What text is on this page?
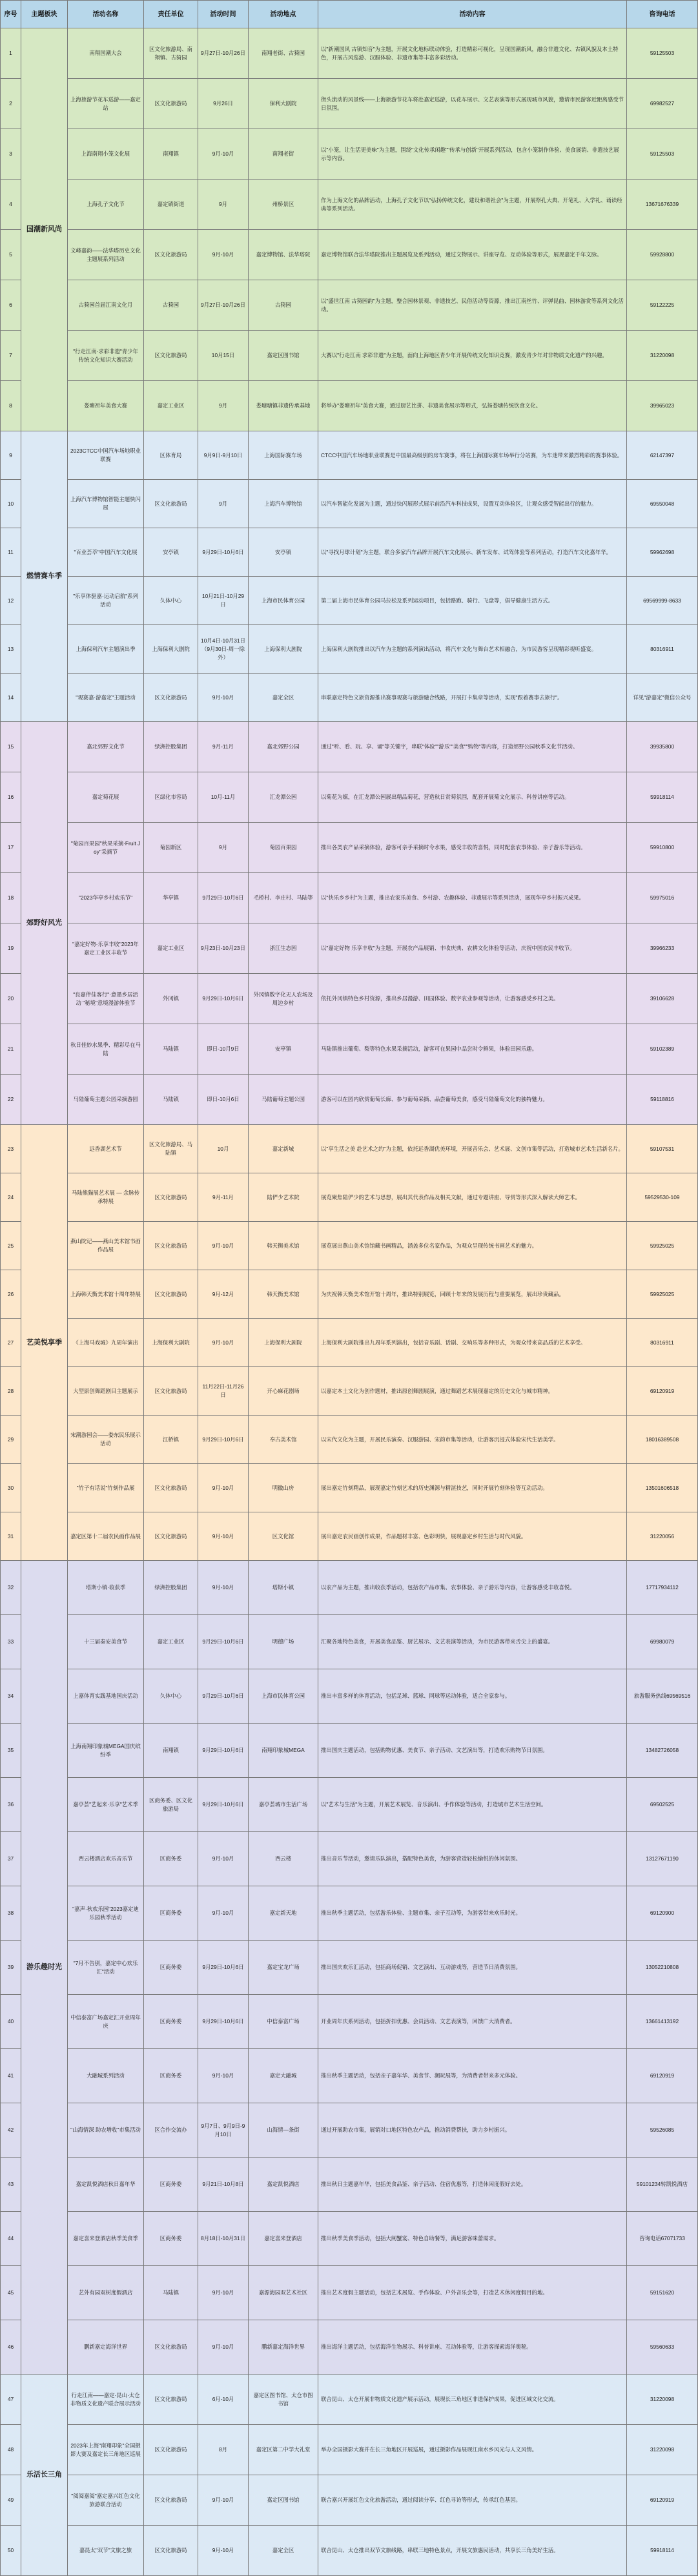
序号	主题板块	活动名称	责任单位	活动时间	活动地点	活动内容	咨询电话
1	国潮新风尚	南翔国潮大会	区文化旅游局、南翔镇、古猗园	9月27日-10月26日	南翔老街、古猗园	以"新潮国风 古镇知音"为主题，开展文化地标联动体验，打造精彩可视化，呈现国潮新风，融合非遗文化、古镇风貌及本土特色，开展古风巡游、汉服体验、非遗市集等丰富多彩活动。	59125503
2		上海旅游节花车巡游——嘉定站	区文化旅游局	9月26日	保利大剧院	街头流动的风景线——上海旅游节花车将赴嘉定巡游，以花车展示、文艺表演等形式展现城市风貌，邀请市民游客近距离感受节日氛围。	69982527
3		上海南翔小笼文化展	南翔镇	9月-10月	南翔老街	以"小笼，让生活更美味"为主题，围绕"文化传承闲趣""传承与创新"开展系列活动，包含小笼制作体验、美食展销、非遗技艺展示等内容。	59125503
4		上海孔子文化节	嘉定镇街道	9月	州桥景区	作为上海文化的品牌活动，上海孔子文化节以"弘扬传统文化，建设和谐社会"为主题，开展祭孔大典、开笔礼、入学礼、诵读经典等系列活动。	13671676339
5		文峰嘉韵——法华塔历史文化主题展系列活动	区文化旅游局	9月-10月	嘉定博物馆、法华塔院	嘉定博物馆联合法华塔院推出主题展览及系列活动，通过文物展示、讲座导览、互动体验等形式，展现嘉定千年文脉。	59928800
6		古猗园首届江南文化月	古猗园	9月27日-10月26日	古猗园	以"盛世江南 古猗园韵"为主题，整合园林景观、非遗技艺、民俗活动等资源，推出江南丝竹、评弹昆曲、园林游赏等系列文化活动。	59122225
7		"行走江南·求彩非遗"青少年传统文化知识大赛活动	区文化旅游局	10月15日	嘉定区图书馆	大赛以"行走江南 求彩非遗"为主题，面向上海地区青少年开展传统文化知识竞赛，激发青少年对非物质文化遗产的兴趣。	31220098
8		娄塘祈年美食大赛	嘉定工业区	9月	娄塘塘镇非遗传承基地	将举办"娄塘祈年"美食大赛，通过厨艺比拼、非遗美食展示等形式，弘扬娄塘传统饮食文化。	39965023
9	燃情赛车季	2023CTCC中国汽车场地职业联赛	区体育局	9月9日-9月10日	上海国际赛车场	CTCC中国汽车场地职业联赛是中国最高级别的房车赛事，将在上海国际赛车场举行分站赛，为车迷带来激烈精彩的赛事体验。	62147397
10		上海汽车博物馆智能主题快闪展	区文化旅游局	9月	上海汽车博物馆	以汽车智能化发展为主题，通过快闪展形式展示前沿汽车科技成果，设置互动体验区，让观众感受智能出行的魅力。	69550048
11		"百业荟萃"中国汽车文化展	安亭镇	9月29日-10月6日	安亭镇	以"寻找月球计划"为主题，联合多家汽车品牌开展汽车文化展示、新车发布、试驾体验等系列活动，打造汽车文化嘉年华。	59962698
12		"乐享体驱嘉·运动启航"系列活动	久体中心	10月21日-10月29日	上海市民体育公园	第二届上海市民体育公园马拉松及系列运动项目，包括路跑、骑行、飞盘等，倡导健康生活方式。	69569999-8633
13		上海保利汽车主题演出季	上海保利大剧院	10月4日-10月31日（9月30日-周一除外）	上海保利大剧院	上海保利大剧院推出以汽车为主题的系列演出活动，将汽车文化与舞台艺术相融合，为市民游客呈现精彩视听盛宴。	80316911
14		"观赛嘉·游嘉定"主题活动	区文化旅游局	9月-10月	嘉定全区	串联嘉定特色文旅资源推出赛事观赛与旅游融合线路，开展打卡集章等活动，实现"跟着赛事去旅行"。	详见"游嘉定"微信公众号
15	郊野好风光	嘉北郊野文化节	绿洲控股集团	9月-11月	嘉北郊野公园	通过"听、看、玩、享、诵"等关键字，串联"体验""游乐""美食""购物"等内容，打造郊野公园秋季文化节活动。	39935800
16		嘉定菊花展	区绿化市容局	10月-11月	汇龙潭公园	以菊花为媒，在汇龙潭公园展出精品菊花，营造秋日赏菊氛围，配套开展菊文化展示、科普讲座等活动。	59918114
17		"菊园百果园"秋果采摘·Fruit Joy"采摘节	菊园新区	9月	菊园百果园	推出各类农产品采摘体验，游客可亲手采摘时令水果，感受丰收的喜悦，同时配套农事体验、亲子游乐等活动。	59910800
18		"2023华亭乡村欢乐节"	华亭镇	9月29日-10月6日	毛桥村、李庄村、马陆等	以"快乐乡乡村"为主题，推出农家乐美食、乡村游、农趣体验、非遗展示等系列活动，展现华亭乡村振兴成果。	59975016
19		"嘉定好物·乐享丰收"2023年嘉定工业区丰收节	嘉定工业区	9月23日-10月23日	浙江生态园	以"嘉定好物 乐享丰收"为主题，开展农产品展销、丰收庆典、农耕文化体验等活动，庆祝中国农民丰收节。	39966233
20		"良嘉伴佳客行"·意墨乡居活动 "秘境"意境漫游体验节	外冈镇	9月29日-10月6日	外冈镇数字化无人农场及周边乡村	依托外冈镇特色乡村资源，推出乡居漫游、田园体验、数字农业参观等活动，让游客感受乡村之美。	39106628
21		秋日佳妙水果季、精彩尽在马陆	马陆镇	即日-10月9日	安亭镇	马陆镇推出葡萄、梨等特色水果采摘活动，游客可在果园中品尝时令鲜果，体验田园乐趣。	59102389
22		马陆葡萄主题公园采摘游园	马陆镇	即日-10月6日	马陆葡萄主题公园	游客可以在园内欣赏葡萄长廊、参与葡萄采摘、品尝葡萄美食，感受马陆葡萄文化的独特魅力。	59118816
23	艺美悦享季	远香湖艺术节	区文化旅游局、马陆镇	10月	嘉定新城	以"享生活之美 赴艺术之约"为主题，依托远香湖优美环境，开展音乐会、艺术展、文创市集等活动，打造城市艺术生活新名片。	59107531
24		马陆熊猫展艺术展 — 余脉传承特展	区文化旅游局	9月-11月	陆俨少艺术院	展览聚焦陆俨少的艺术与思想，展出其代表作品及相关文献，通过专题讲座、导赏等形式深入解读大师艺术。	59529530-109
25		燕山院记——燕山美术馆书画作品展	区文化旅游局	9月-10月	韩天衡美术馆	展览展出燕山美术馆馆藏书画精品，涵盖多位名家作品，为观众呈现传统书画艺术的魅力。	59925025
26		上海韩天衡美术馆十周年特展	区文化旅游局	9月-12月	韩天衡美术馆	为庆祝韩天衡美术馆开馆十周年，推出特别展览，回顾十年来的发展历程与重要展览，展出珍贵藏品。	59925025
27		《上海马戏城》九周年演出	上海保利大剧院	9月-10月	上海保利大剧院	上海保利大剧院推出九周年系列演出，包括音乐剧、话剧、交响乐等多种形式，为观众带来高品质的艺术享受。	80316911
28		大型原创舞蹈剧目主题展示	区文化旅游局	11月22日-11月26日	开心麻花剧场	以嘉定本土文化为创作题材，推出原创舞剧展演，通过舞蹈艺术展现嘉定的历史文化与城市精神。	69120919
29		宋潮游园会——娄东民乐展示活动	江桥镇	9月29日-10月6日	奉古美术馆	以宋代文化为主题，开展民乐演奏、汉服游园、宋韵市集等活动，让游客沉浸式体验宋代生活美学。	18016389508
30		"竹子有话说"竹刻作品展	区文化旅游局	9月-10月	明徽山房	展出嘉定竹刻精品，展现嘉定竹刻艺术的历史渊源与精湛技艺，同时开展竹刻体验等互动活动。	13501606518
31		嘉定区第十二届农民画作品展	区文化旅游局	9月-10月	区文化馆	展出嘉定农民画创作成果，作品题材丰富、色彩明快，展现嘉定乡村生活与时代风貌。	31220056
32	游乐趣时光	塔斯小镇·收获季	绿洲控股集团	9月-10月	塔斯小镇	以农产品为主题，推出收获季活动，包括农产品市集、农事体验、亲子游乐等内容，让游客感受丰收喜悦。	17717934112
33		十三届秦安美食节	嘉定工业区	9月29日-10月6日	明德广场	汇聚各地特色美食，开展美食品鉴、厨艺展示、文艺表演等活动，为市民游客带来舌尖上的盛宴。	69980079
34		上嘉体育实践基地国庆活动	久体中心	9月29日-10月6日	上海市民体育公园	推出丰富多样的体育活动，包括足球、篮球、网球等运动体验，适合全家参与。	旅游服务热线69569516
35		上海南翔印象城MEGA国庆缤纷季	南翔镇	9月29日-10月6日	南翔印象城MEGA	推出国庆主题活动，包括购物优惠、美食节、亲子活动、文艺演出等，打造欢乐购物节日氛围。	13482726058
36		嘉亭荟"艺起来·乐享"艺术季	区商务委、区文化旅游局	9月29日-10月6日	嘉亭荟城市生活广场	以"艺术与生活"为主题，开展艺术展览、音乐演出、手作体验等活动，打造城市艺术生活空间。	69502525
37		西云楼酒店欢乐音乐节	区商务委	9月-10月	西云楼	推出音乐节活动，邀请乐队演出，搭配特色美食，为游客营造轻松愉悦的休闲氛围。	13127671190
38		"嘉声·秋欢乐园"2023嘉定迪乐园秋季活动	区商务委	9月-10月	嘉定新天地	推出秋季主题活动，包括游乐体验、主题市集、亲子互动等，为游客带来欢乐时光。	69120900
39		"7月不告别，嘉定中心欢乐汇"活动	区商务委	9月29日-10月6日	嘉定宝龙广场	推出国庆欢乐汇活动，包括商场促销、文艺演出、互动游戏等，营造节日消费氛围。	13052210808
40		中信泰富广场嘉定汇开业周年庆	区商务委	9月29日-10月6日	中信泰富广场	开业周年庆系列活动，包括折扣优惠、会员活动、文艺表演等，回馈广大消费者。	13661413192
41		大融城系列活动	区商务委	9月-10月	嘉定大融城	推出秋季主题活动，包括亲子嘉年华、美食节、潮玩展等，为消费者带来多元体验。	69120919
42		"山海情深 助农增收"市集活动	区合作交流办	9月7日、9月9日-9月10日	山海情—条街	通过开展助农市集，展销对口地区特色农产品，推动消费帮扶，助力乡村振兴。	59526085
43		嘉定凯悦酒店秋日嘉年华	区商务委	9月21日-10月8日	嘉定凯悦酒店	推出秋日主题嘉年华，包括美食品鉴、亲子活动、住宿优惠等，打造休闲度假好去处。	59101234转凯悦酒店
44		嘉定喜来登酒店秋季美食季	区商务委	8月18日-10月31日	嘉定喜来登酒店	推出秋季美食季活动，包括大闸蟹宴、特色自助餐等，满足游客味蕾需求。	咨询电话67071733
45		艺外有园双树度假酒店	马陆镇	9月-10月	嘉源海园双艺术社区	推出艺术度假主题活动，包括艺术展览、手作体验、户外音乐会等，打造艺术休闲度假目的地。	59151620
46		鹏新嘉定海洋世界	区文化旅游局	9月-10月	鹏新嘉定海洋世界	推出海洋主题活动，包括海洋生物展示、科普讲座、互动体验等，让游客探索海洋奥秘。	59560633
47	乐活长三角	行走江南——嘉定·昆山·太仓非物质文化遗产联合展示活动	区文化旅游局	6月-10月	嘉定区图书馆、太仓市图书馆	联合昆山、太仓开展非物质文化遗产展示活动，展现长三角地区非遗保护成果，促进区域文化交流。	31220098
48		2023年上海"南翔印象"全国摄影大赛及嘉定长三角地区巡展	区文化旅游局	8月	嘉定区第二中学大礼堂	举办全国摄影大赛并在长三角地区开展巡展，通过摄影作品展现江南水乡风光与人文风情。	31220098
49		"阅阅嘉阅"嘉定嘉兴红色文化旅游联合活动	区文化旅游局	9月-10月	嘉定区图书馆	联合嘉兴开展红色文化旅游活动，通过阅读分享、红色寻访等形式，传承红色基因。	69120919
50		嘉昆太"双节"文旅之旅	区文化旅游局	9月-10月	嘉定全区	联合昆山、太仓推出双节文旅线路，串联三地特色景点，开展文旅惠民活动，共享长三角美好生活。	59918114
